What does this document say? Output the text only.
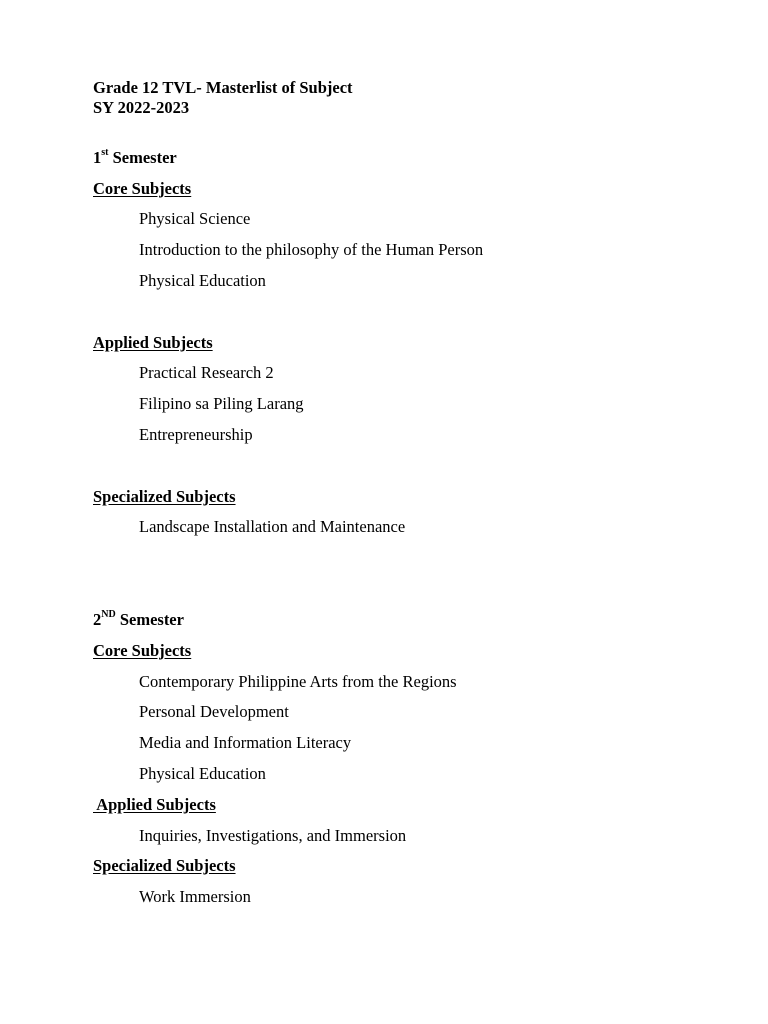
Grade 12 TVL- Masterlist of Subject
SY 2022-2023
1st Semester
Core Subjects
Physical Science
Introduction to the philosophy of the Human Person
Physical Education
Applied Subjects
Practical Research 2
Filipino sa Piling Larang
Entrepreneurship
Specialized Subjects
Landscape Installation and Maintenance
2ND Semester
Core Subjects
Contemporary Philippine Arts from the Regions
Personal Development
Media and Information Literacy
Physical Education
Applied Subjects
Inquiries, Investigations, and Immersion
Specialized Subjects
Work Immersion
